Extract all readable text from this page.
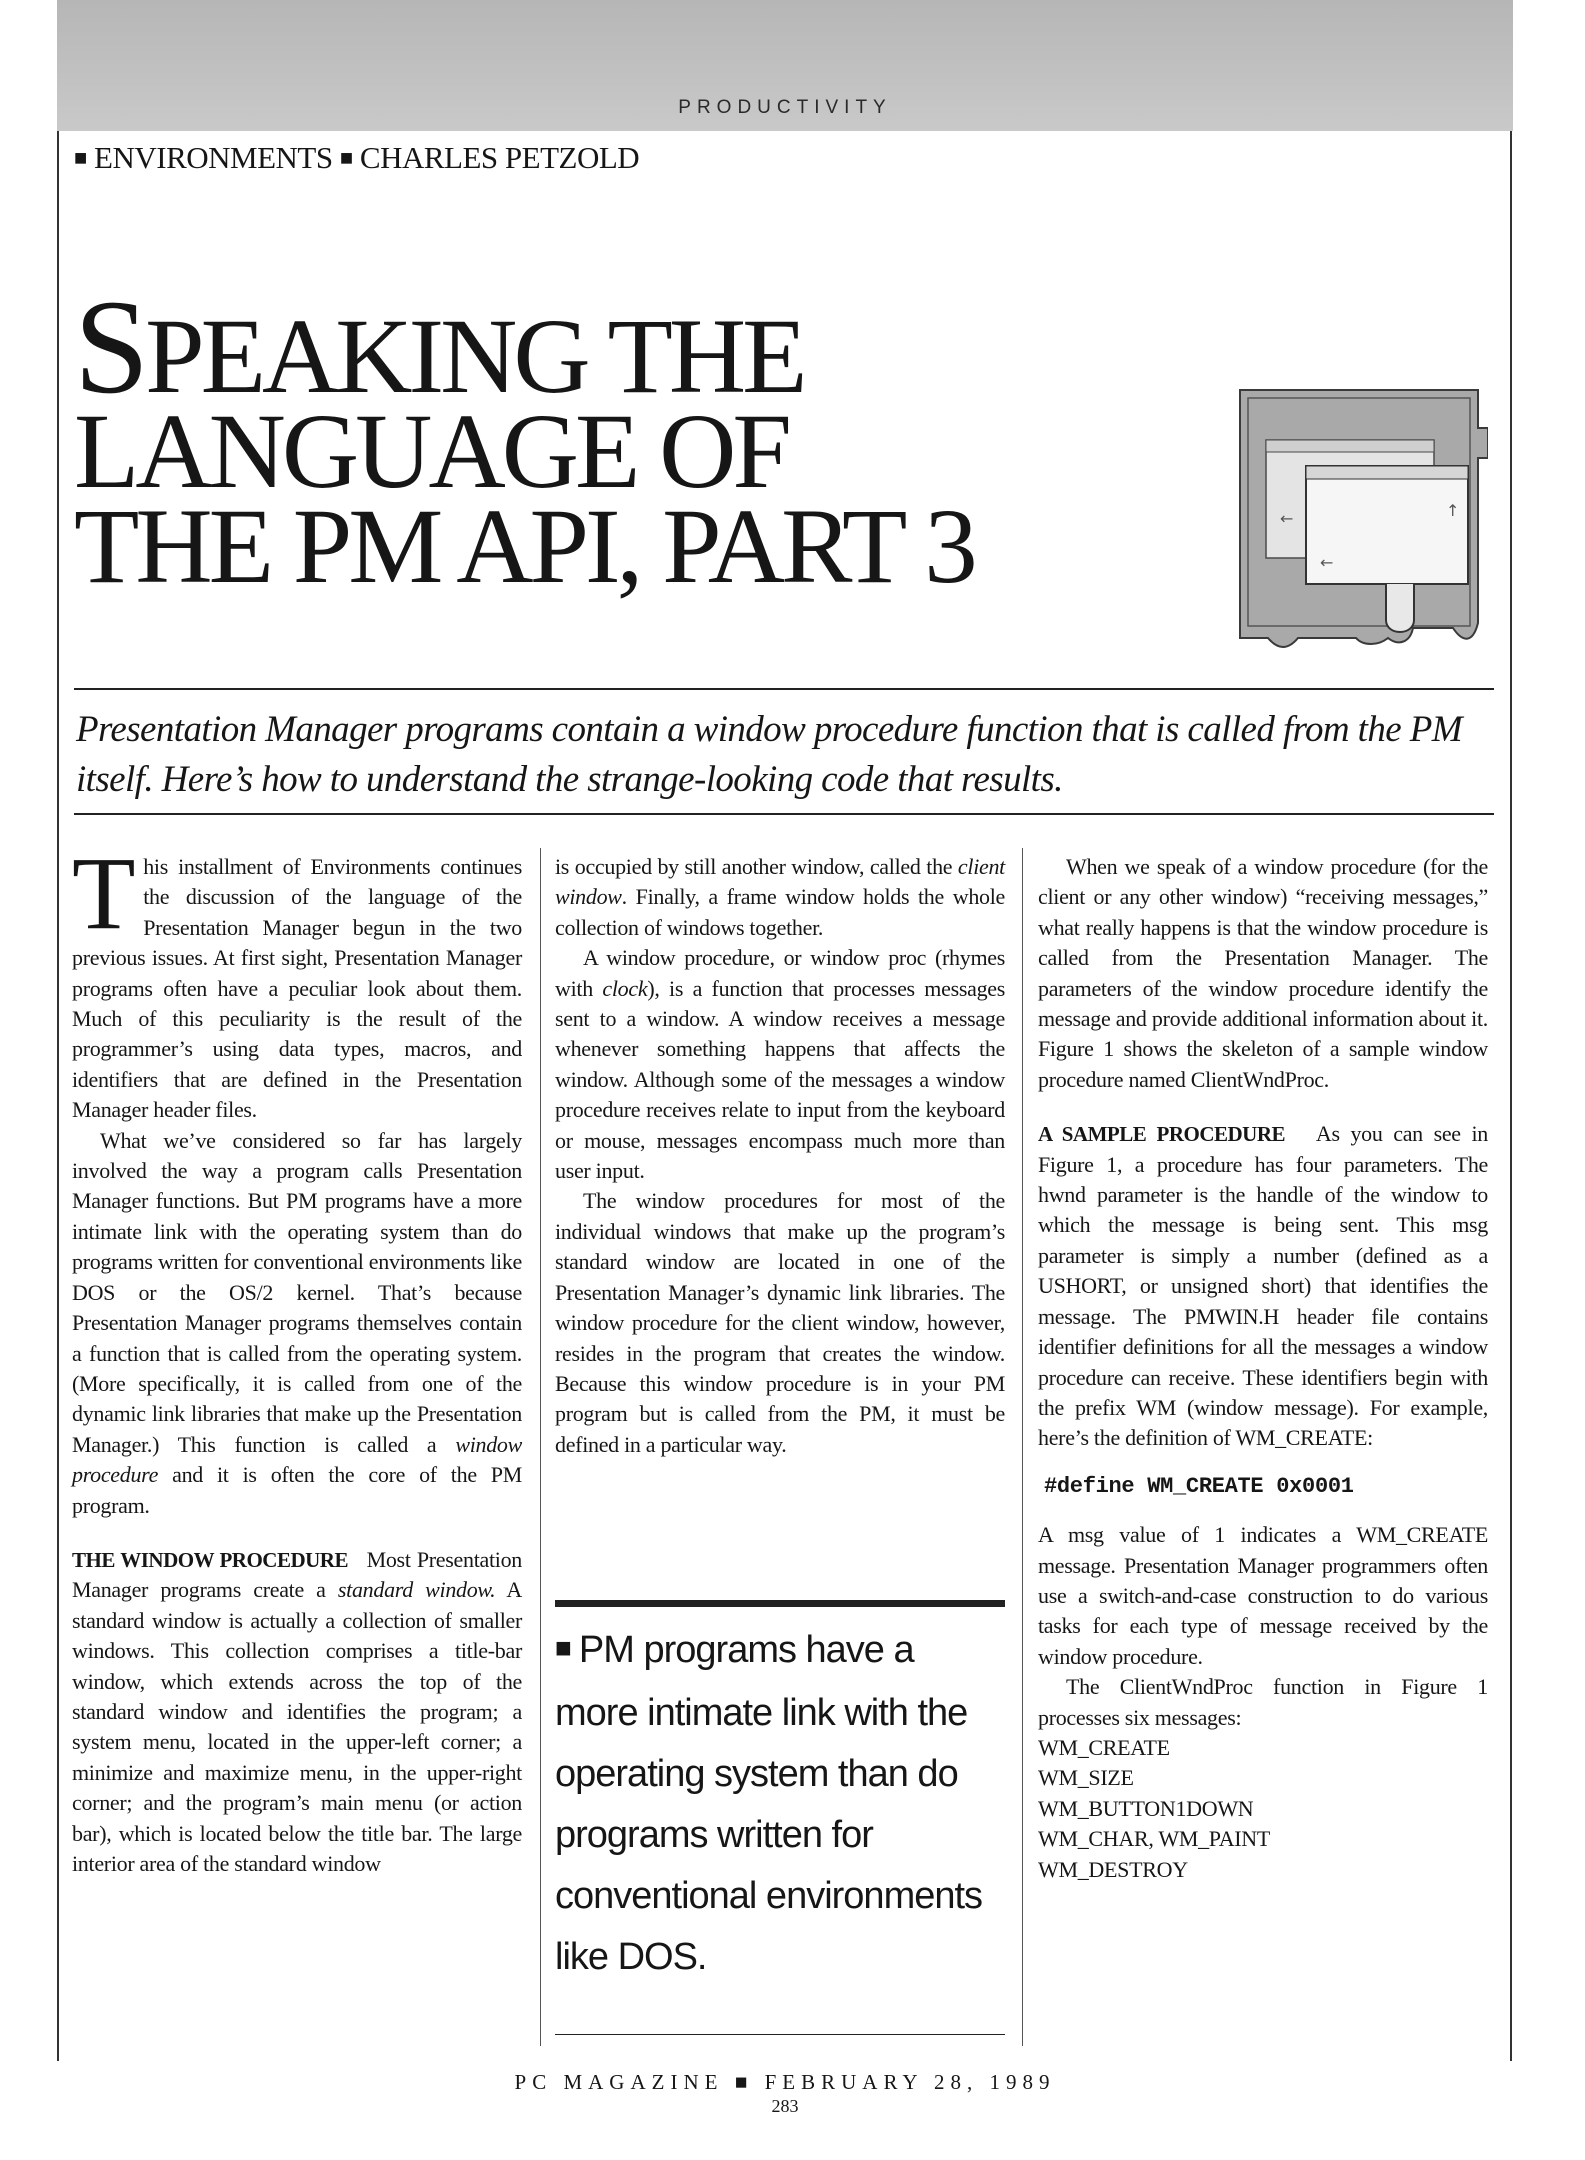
PRODUCTIVITY
■ ENVIRONMENTS ■ CHARLES PETZOLD
SPEAKING THE
LANGUAGE OF
THE PM API, PART 3	↑
←
←
Presentation Manager programs contain a window procedure function that is called from the PM itself. Here’s how to understand the strange-looking code that results.

This installment of Environments continues the discussion of the language of the Presentation Manager begun in the two previous issues. At first sight, Presentation Manager programs often have a peculiar look about them. Much of this peculiarity is the result of the programmer’s using data types, macros, and identifiers that are defined in the Presentation Manager header files.

What we’ve considered so far has largely involved the way a program calls Presentation Manager functions. But PM programs have a more intimate link with the operating system than do programs written for conventional environments like DOS or the OS/2 kernel. That’s because Presentation Manager programs themselves contain a function that is called from the operating system. (More specifically, it is called from one of the dynamic link libraries that make up the Presentation Manager.) This function is called a window procedure and it is often the core of the PM program.

THE WINDOW PROCEDURE Most Presentation Manager programs create a standard window. A standard window is actually a collection of smaller windows. This collection comprises a title-bar window, which extends across the top of the standard window and identifies the program; a system menu, located in the upper-left corner; a minimize and maximize menu, in the upper-right corner; and the program’s main menu (or action bar), which is located below the title bar. The large interior area of the standard window

is occupied by still another window, called the client window. Finally, a frame window holds the whole collection of windows together.

A window procedure, or window proc (rhymes with clock), is a function that processes messages sent to a window. A window receives a message whenever something happens that affects the window. Although some of the messages a window procedure receives relate to input from the keyboard or mouse, messages encompass much more than user input.

The window procedures for most of the individual windows that make up the program’s standard window are located in one of the Presentation Manager’s dynamic link libraries. The window procedure for the client window, however, resides in the program that creates the window. Because this window procedure is in your PM program but is called from the PM, it must be defined in a particular way.

■ PM programs have a more intimate link with the operating system than do programs written for conventional environments like DOS.

When we speak of a window procedure (for the client or any other window) “receiving messages,” what really happens is that the window procedure is called from the Presentation Manager. The parameters of the window procedure identify the message and provide additional information about it. Figure 1 shows the skeleton of a sample window procedure named ClientWndProc.

A SAMPLE PROCEDURE As you can see in Figure 1, a procedure has four parameters. The hwnd parameter is the handle of the window to which the message is being sent. This msg parameter is simply a number (defined as a USHORT, or unsigned short) that identifies the message. The PMWIN.H header file contains identifier definitions for all the messages a window procedure can receive. These identifiers begin with the prefix WM (window message). For example, here’s the definition of WM_CREATE:

#define WM_CREATE 0x0001

A msg value of 1 indicates a WM_CREATE message. Presentation Manager programmers often use a switch-and-case construction to do various tasks for each type of message received by the window procedure.

The ClientWndProc function in Figure 1 processes six messages:

WM_CREATE
WM_SIZE
WM_BUTTON1DOWN
WM_CHAR, WM_PAINT
WM_DESTROY
PC MAGAZINE ■ FEBRUARY 28, 1989
283
